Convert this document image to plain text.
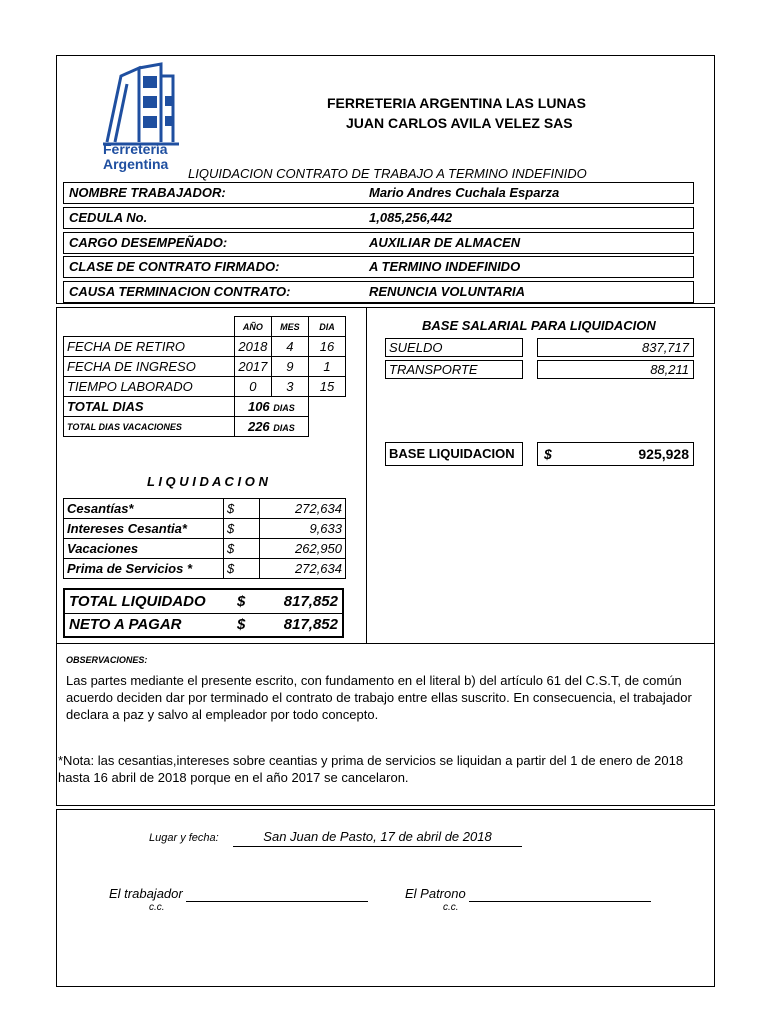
Ferretería
Argentina
FERRETERIA ARGENTINA LAS LUNAS
JUAN CARLOS AVILA VELEZ SAS
LIQUIDACION CONTRATO DE TRABAJO A TERMINO INDEFINIDO
NOMBRE TRABAJADOR:	Mario Andres Cuchala Esparza
CEDULA No.	1,085,256,442
CARGO DESEMPEÑADO:	AUXILIAR DE ALMACEN
CLASE DE CONTRATO FIRMADO:	A TERMINO INDEFINIDO
CAUSA TERMINACION CONTRATO:	RENUNCIA VOLUNTARIA
	AÑO	MES	DIA
FECHA DE RETIRO	2018	4	16
FECHA DE INGRESO	2017	9	1
TIEMPO LABORADO	0	3	15
TOTAL DIAS	106 DIAS		
TOTAL DIAS VACACIONES	226 DIAS		
L I Q U I D A C I O N
Cesantías*	$	272,634
Intereses Cesantia*	$	9,633
Vacaciones	$	262,950
Prima de Servicios *	$	272,634
TOTAL LIQUIDADO $	817,852
NETO A PAGAR	$	817,852
BASE SALARIAL PARA LIQUIDACION
SUELDO	837,717
TRANSPORTE	88,211
BASE LIQUIDACION $	925,928
OBSERVACIONES:
Las partes mediante el presente escrito, con fundamento en el literal b) del artículo 61 del C.S.T, de común acuerdo deciden dar por terminado el contrato de trabajo entre ellas suscrito. En consecuencia, el trabajador declara a paz y salvo al empleador por todo concepto.
*Nota: las cesantias,intereses sobre ceantias y prima de servicios se liquidan a partir del 1 de enero de 2018 hasta 16 abril de 2018 porque en el año 2017 se cancelaron.
Lugar y fecha:	San Juan de Pasto, 17 de abril de 2018
El trabajador
c.c.
El Patrono
c.c.
